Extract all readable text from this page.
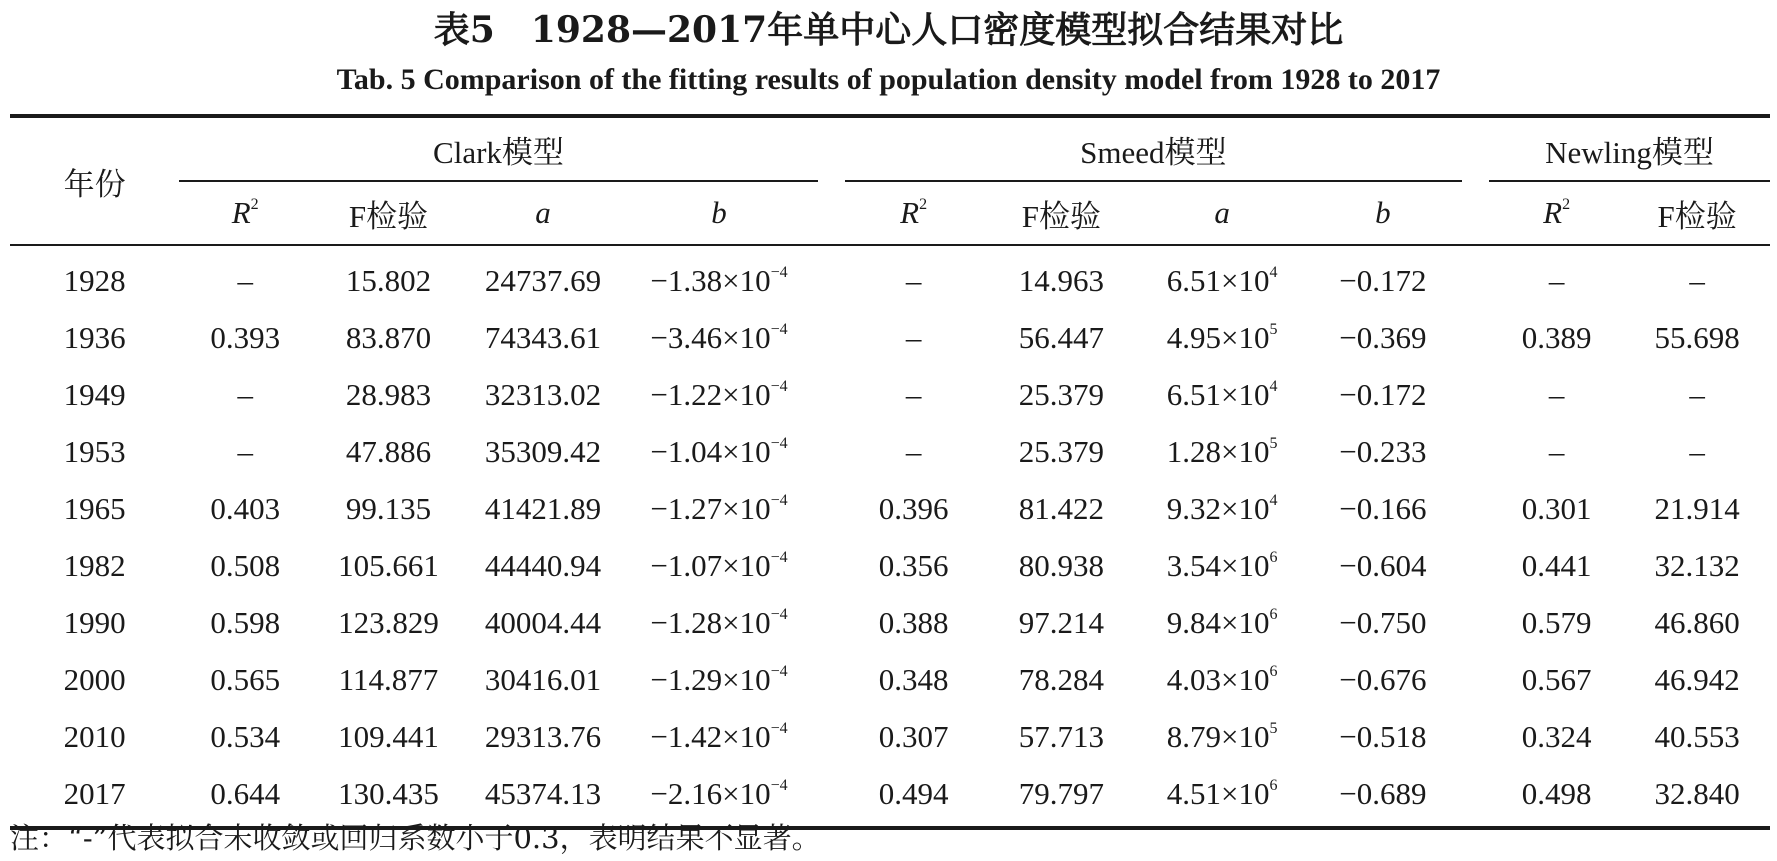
表5　1928—2017年单中心人口密度模型拟合结果对比
Tab. 5 Comparison of the fitting results of population density model from 1928 to 2017
年份	Clark模型					Smeed模型					Newling模型	
	$R^2$	F检验	a	b		$R^2$	F检验	a	b		$R^2$	F检验
1928	–	15.802	24737.69	$-1.38\times 10^{-4}$		–	14.963	$6.51\times 10^4$	−0.172		–	–
1936	0.393	83.870	74343.61	$-3.46\times 10^{-4}$		–	56.447	$4.95\times 10^5$	−0.369		0.389	55.698
1949	–	28.983	32313.02	$-1.22\times 10^{-4}$		–	25.379	$6.51\times 10^4$	−0.172		–	–
1953	–	47.886	35309.42	$-1.04\times 10^{-4}$		–	25.379	$1.28\times 10^5$	−0.233		–	–
1965	0.403	99.135	41421.89	$-1.27\times 10^{-4}$		0.396	81.422	$9.32\times 10^4$	−0.166		0.301	21.914
1982	0.508	105.661	44440.94	$-1.07\times 10^{-4}$		0.356	80.938	$3.54\times 10^6$	−0.604		0.441	32.132
1990	0.598	123.829	40004.44	$-1.28\times 10^{-4}$		0.388	97.214	$9.84\times 10^6$	−0.750		0.579	46.860
2000	0.565	114.877	30416.01	$-1.29\times 10^{-4}$		0.348	78.284	$4.03\times 10^6$	−0.676		0.567	46.942
2010	0.534	109.441	29313.76	$-1.42\times 10^{-4}$		0.307	57.713	$8.79\times 10^5$	−0.518		0.324	40.553
2017	0.644	130.435	45374.13	$-2.16\times 10^{-4}$		0.494	79.797	$4.51\times 10^6$	−0.689		0.498	32.840
注：“-”代表拟合未收敛或回归系数小于0.3，表明结果不显著。
